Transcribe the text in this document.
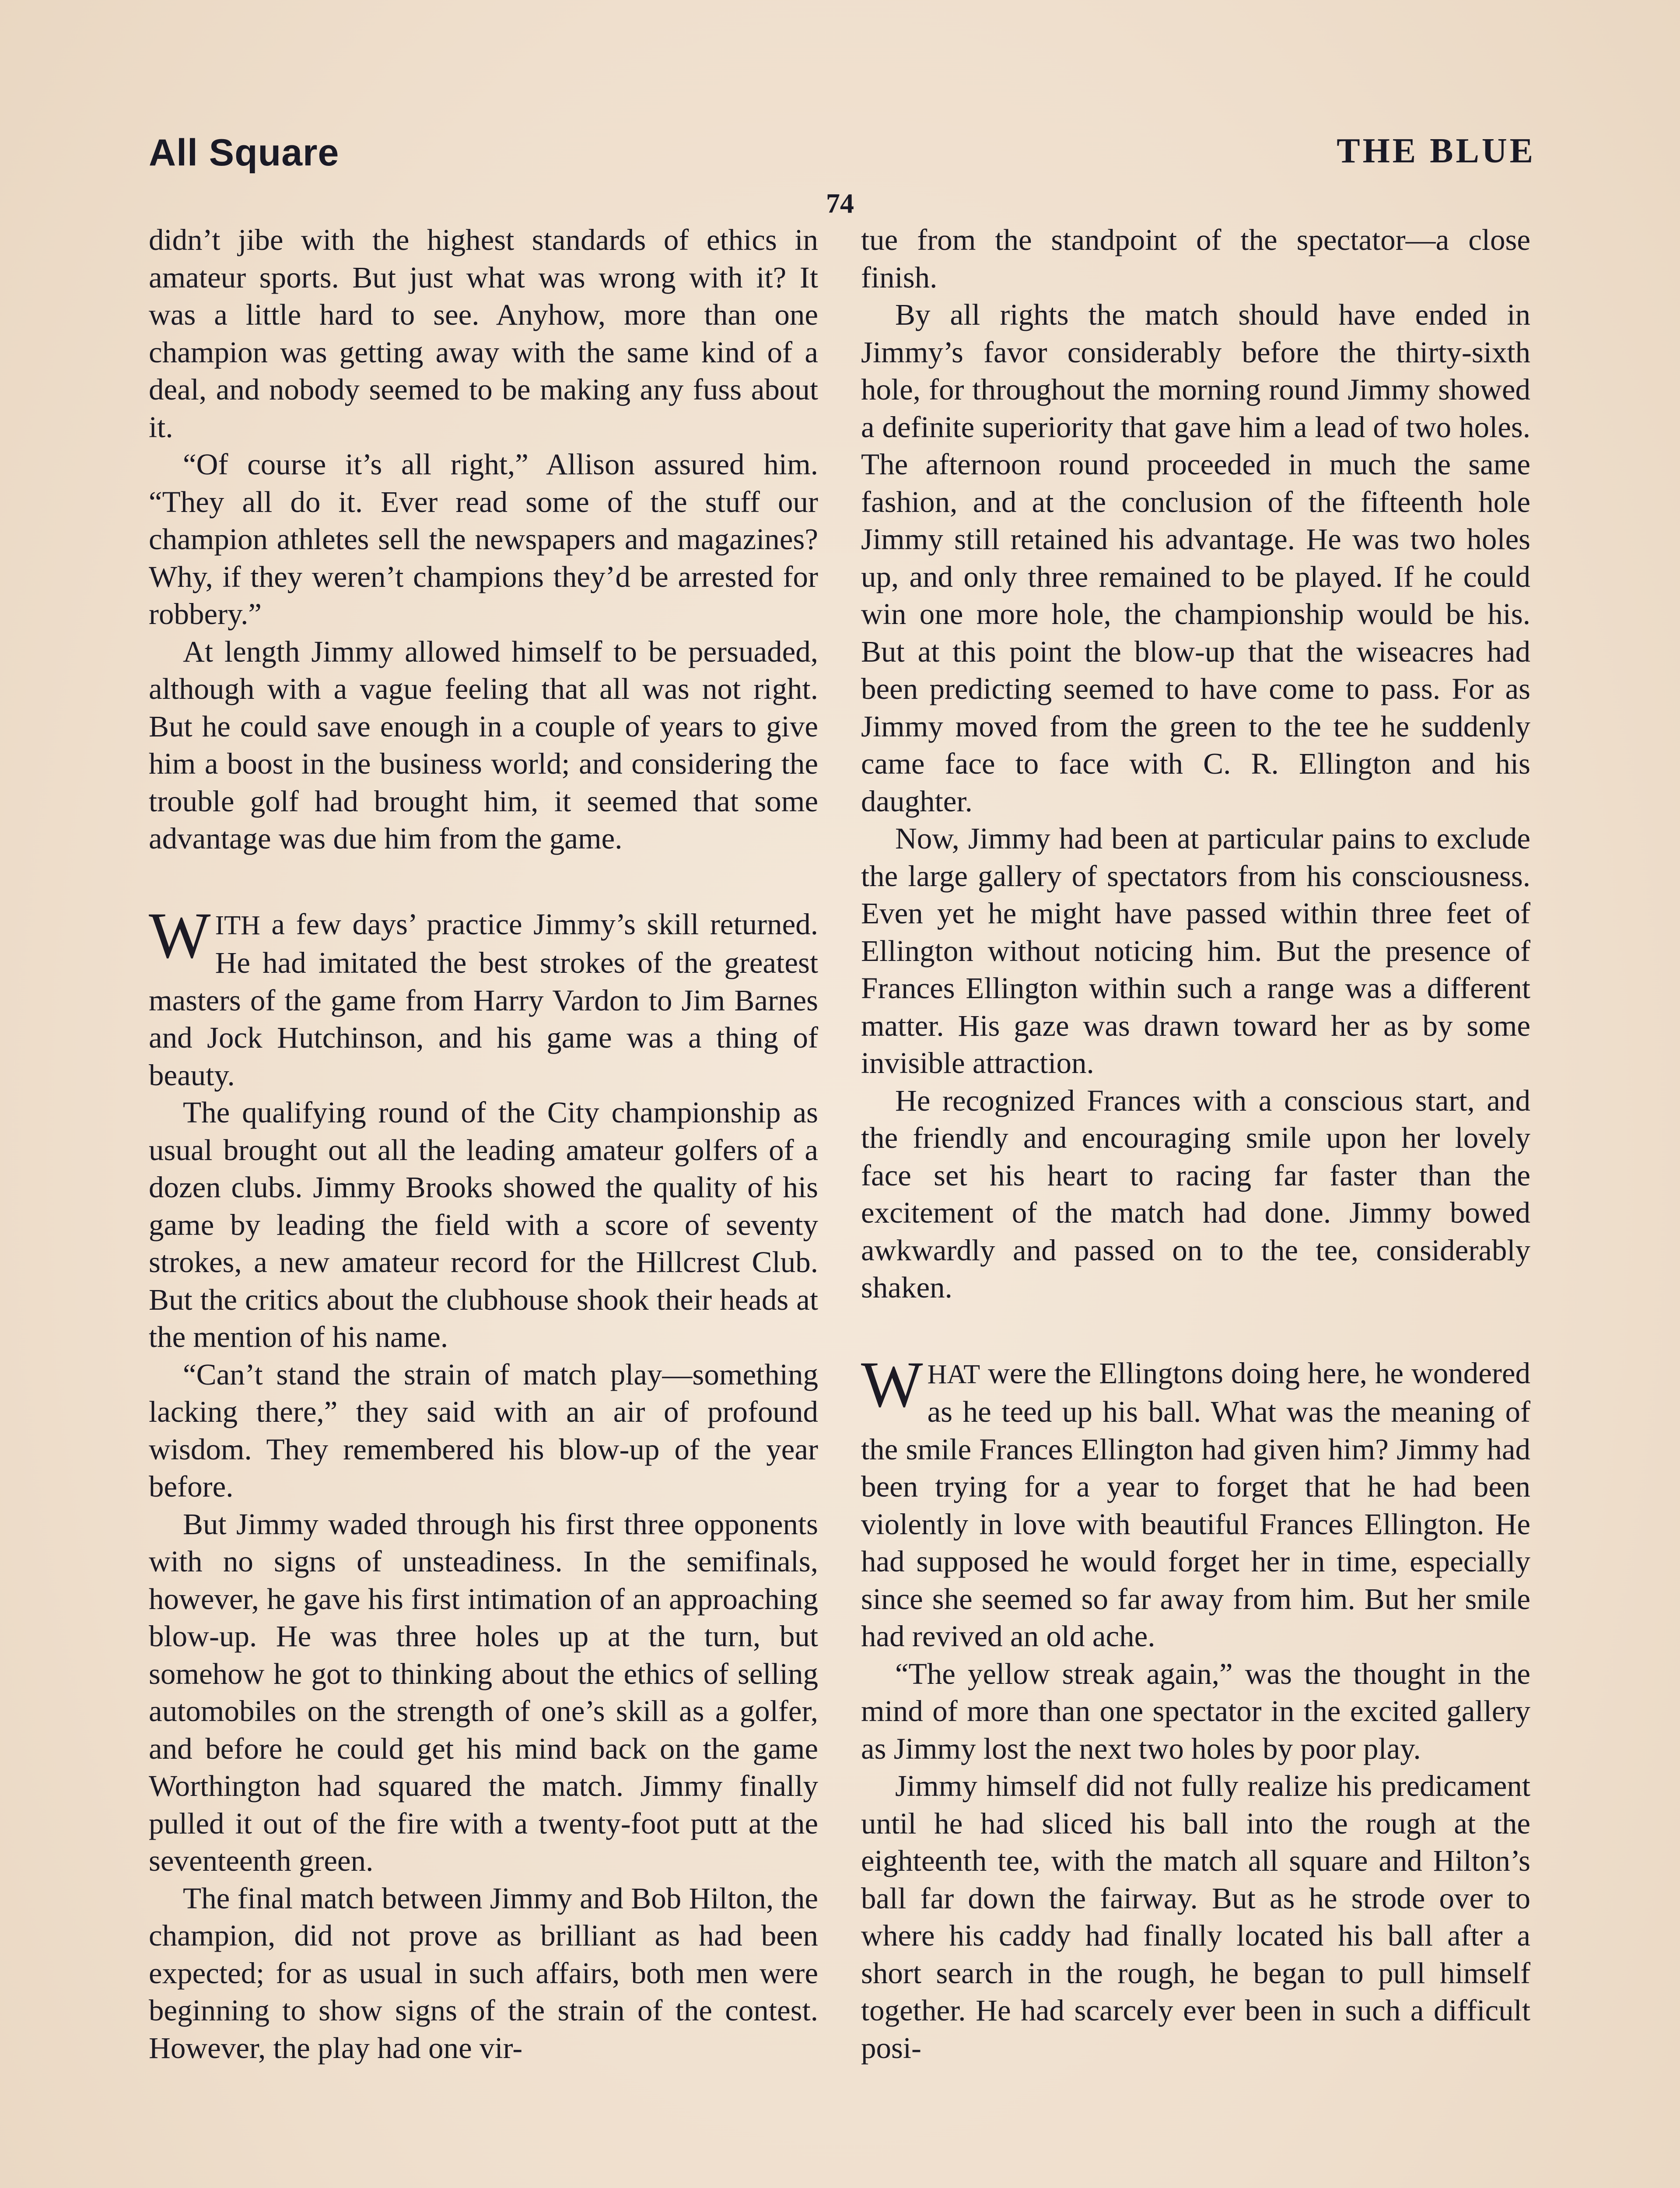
All Square	THE BLUE
74

didn’t jibe with the highest standards of ethics in amateur sports. But just what was wrong with it? It was a little hard to see. Anyhow, more than one champion was getting away with the same kind of a deal, and nobody seemed to be making any fuss about it.

“Of course it’s all right,” Allison assured him. “They all do it. Ever read some of the stuff our champion athletes sell the newspapers and magazines? Why, if they weren’t champions they’d be arrested for robbery.”

At length Jimmy allowed himself to be persuaded, although with a vague feeling that all was not right. But he could save enough in a couple of years to give him a boost in the business world; and considering the trouble golf had brought him, it seemed that some advantage was due him from the game.

WITH a few days’ practice Jimmy’s skill returned. He had imitated the best strokes of the greatest masters of the game from Harry Vardon to Jim Barnes and Jock Hutchinson, and his game was a thing of beauty.

The qualifying round of the City championship as usual brought out all the leading amateur golfers of a dozen clubs. Jimmy Brooks showed the quality of his game by leading the field with a score of seventy strokes, a new amateur record for the Hillcrest Club. But the critics about the clubhouse shook their heads at the mention of his name.

“Can’t stand the strain of match play—something lacking there,” they said with an air of profound wisdom. They remembered his blow-up of the year before.

But Jimmy waded through his first three opponents with no signs of unsteadiness. In the semifinals, however, he gave his first intimation of an approaching blow-up. He was three holes up at the turn, but somehow he got to thinking about the ethics of selling automobiles on the strength of one’s skill as a golfer, and before he could get his mind back on the game Worthington had squared the match. Jimmy finally pulled it out of the fire with a twenty-foot putt at the seventeenth green.

The final match between Jimmy and Bob Hilton, the champion, did not prove as brilliant as had been expected; for as usual in such affairs, both men were beginning to show signs of the strain of the contest. However, the play had one vir-

tue from the standpoint of the spectator—a close finish.

By all rights the match should have ended in Jimmy’s favor considerably before the thirty-sixth hole, for throughout the morning round Jimmy showed a definite superiority that gave him a lead of two holes. The afternoon round proceeded in much the same fashion, and at the conclusion of the fifteenth hole Jimmy still retained his advantage. He was two holes up, and only three remained to be played. If he could win one more hole, the championship would be his. But at this point the blow-up that the wiseacres had been predicting seemed to have come to pass. For as Jimmy moved from the green to the tee he suddenly came face to face with C. R. Ellington and his daughter.

Now, Jimmy had been at particular pains to exclude the large gallery of spectators from his consciousness. Even yet he might have passed within three feet of Ellington without noticing him. But the presence of Frances Ellington within such a range was a different matter. His gaze was drawn toward her as by some invisible attraction.

He recognized Frances with a conscious start, and the friendly and encouraging smile upon her lovely face set his heart to racing far faster than the excitement of the match had done. Jimmy bowed awkwardly and passed on to the tee, considerably shaken.

WHAT were the Ellingtons doing here, he wondered as he teed up his ball. What was the meaning of the smile Frances Ellington had given him? Jimmy had been trying for a year to forget that he had been violently in love with beautiful Frances Ellington. He had supposed he would forget her in time, especially since she seemed so far away from him. But her smile had revived an old ache.

“The yellow streak again,” was the thought in the mind of more than one spectator in the excited gallery as Jimmy lost the next two holes by poor play.

Jimmy himself did not fully realize his predicament until he had sliced his ball into the rough at the eighteenth tee, with the match all square and Hilton’s ball far down the fairway. But as he strode over to where his caddy had finally located his ball after a short search in the rough, he began to pull himself together. He had scarcely ever been in such a difficult posi-
